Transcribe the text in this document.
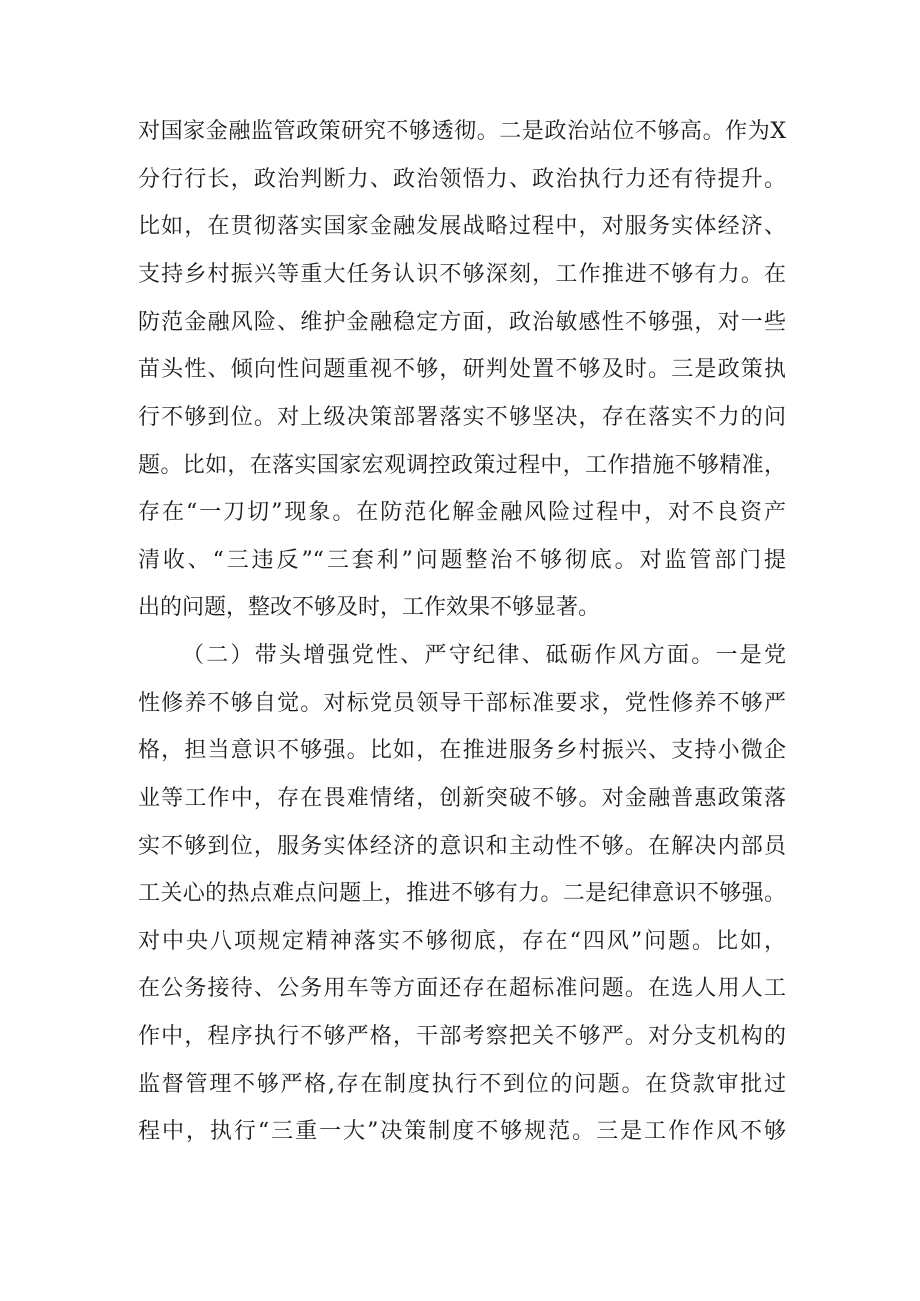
对国家金融监管政策研究不够透彻。二是政治站位不够高。作为X
分行行长，政治判断力、政治领悟力、政治执行力还有待提升。
比如，在贯彻落实国家金融发展战略过程中，对服务实体经济、
支持乡村振兴等重大任务认识不够深刻，工作推进不够有力。在
防范金融风险、维护金融稳定方面，政治敏感性不够强，对一些
苗头性、倾向性问题重视不够，研判处置不够及时。三是政策执
行不够到位。对上级决策部署落实不够坚决，存在落实不力的问
题。比如，在落实国家宏观调控政策过程中，工作措施不够精准，
存在“一刀切”现象。在防范化解金融风险过程中，对不良资产
清收、“三违反”“三套利”问题整治不够彻底。对监管部门提
出的问题，整改不够及时，工作效果不够显著。
（二）带头增强党性、严守纪律、砥砺作风方面。一是党
性修养不够自觉。对标党员领导干部标准要求，党性修养不够严
格，担当意识不够强。比如，在推进服务乡村振兴、支持小微企
业等工作中，存在畏难情绪，创新突破不够。对金融普惠政策落
实不够到位，服务实体经济的意识和主动性不够。在解决内部员
工关心的热点难点问题上，推进不够有力。二是纪律意识不够强。
对中央八项规定精神落实不够彻底，存在“四风”问题。比如，
在公务接待、公务用车等方面还存在超标准问题。在选人用人工
作中，程序执行不够严格，干部考察把关不够严。对分支机构的
监督管理不够严格,存在制度执行不到位的问题。在贷款审批过
程中，执行“三重一大”决策制度不够规范。三是工作作风不够
